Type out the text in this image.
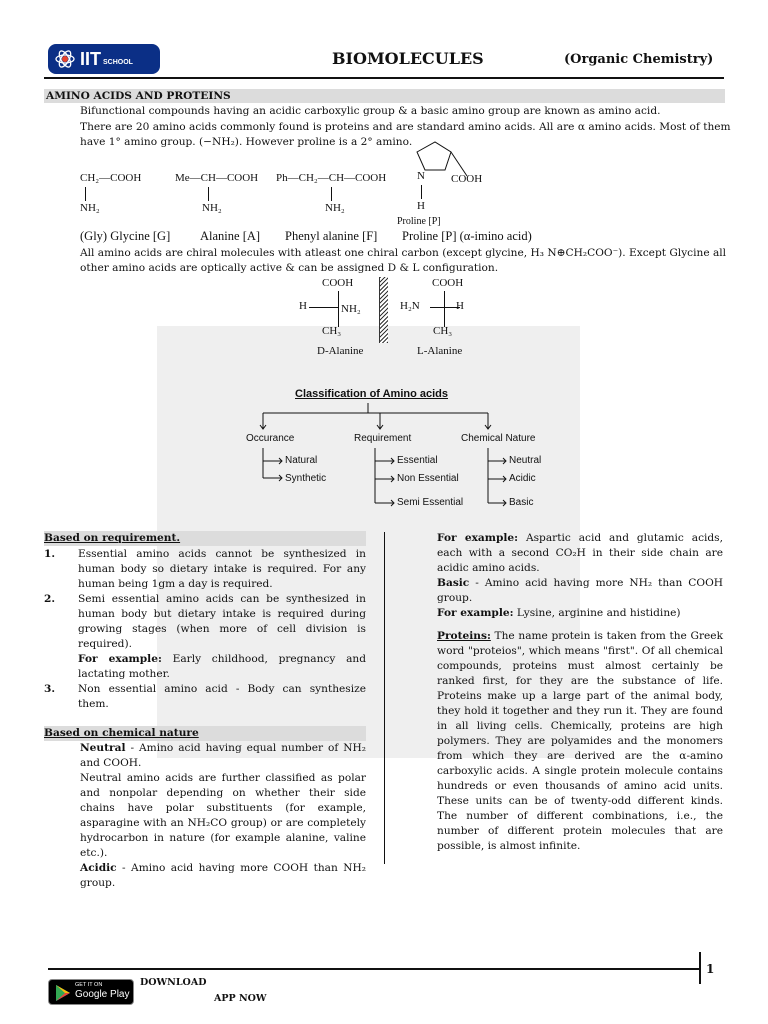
IIT SCHOOL	BIOMOLECULES	(Organic Chemistry)
AMINO ACIDS AND PROTEINS
Bifunctional compounds having an acidic carboxylic group & a basic amino group are known as amino acid.
There are 20 amino acids commonly found is proteins and are standard amino acids. All are α amino acids. Most of them
have 1° amino group. (−NH₂). However proline is a 2° amino.
CH₂—COOH
NH₂
Me—CH—COOH
NH₂
Ph—CH₂—CH—COOH
NH₂
N COOH
H
Proline [P]
(Gly) Glycine [G] Alanine [A] Phenyl alanine [F] Proline [P] (α-imino acid)
All amino acids are chiral molecules with atleast one chiral carbon (except glycine, H₃ N⊕CH₂COO⁻). Except Glycine all
other amino acids are optically active & can be assigned D & L configuration.
COOH
H	NH₂
CH₃
D-Alanine
COOH
H₂N	H
CH₃
L-Alanine
Classification of Amino acids
Occurance	Requirement	Chemical Nature
Natural
Synthetic
Essential
Non Essential
Semi Essential
Neutral
Acidic
Basic
Based on requirement.
1.	Essential amino acids cannot be synthesized in human body so dietary intake is required. For any human being 1gm a day is required.
2.	Semi essential amino acids can be synthesized in human body but dietary intake is required during growing stages (when more of cell division is required).
For example: Early childhood, pregnancy and lactating mother.
3.	Non essential amino acid - Body can synthesize them.
Based on chemical nature
Neutral - Amino acid having equal number of NH₂ and COOH.
Neutral amino acids are further classified as polar and nonpolar depending on whether their side chains have polar substituents (for example, asparagine with an NH₂CO group) or are completely hydrocarbon in nature (for example alanine, valine etc.).
Acidic - Amino acid having more COOH than NH₂ group.
For example: Aspartic acid and glutamic acids, each with a second CO₂H in their side chain are acidic amino acids.
Basic - Amino acid having more NH₂ than COOH group.
For example: Lysine, arginine and histidine)
Proteins: The name protein is taken from the Greek word "proteios", which means "first". Of all chemical compounds, proteins must almost certainly be ranked first, for they are the substance of life. Proteins make up a large part of the animal body, they hold it together and they run it. They are found in all living cells. Chemically, proteins are high polymers. They are polyamides and the monomers from which they are derived are the α-amino carboxylic acids. A single protein molecule contains hundreds or even thousands of amino acid units. These units can be of twenty-odd different kinds. The number of different combinations, i.e., the number of different protein molecules that are possible, is almost infinite.
1
GET IT ON
Google Play
DOWNLOAD
APP NOW
